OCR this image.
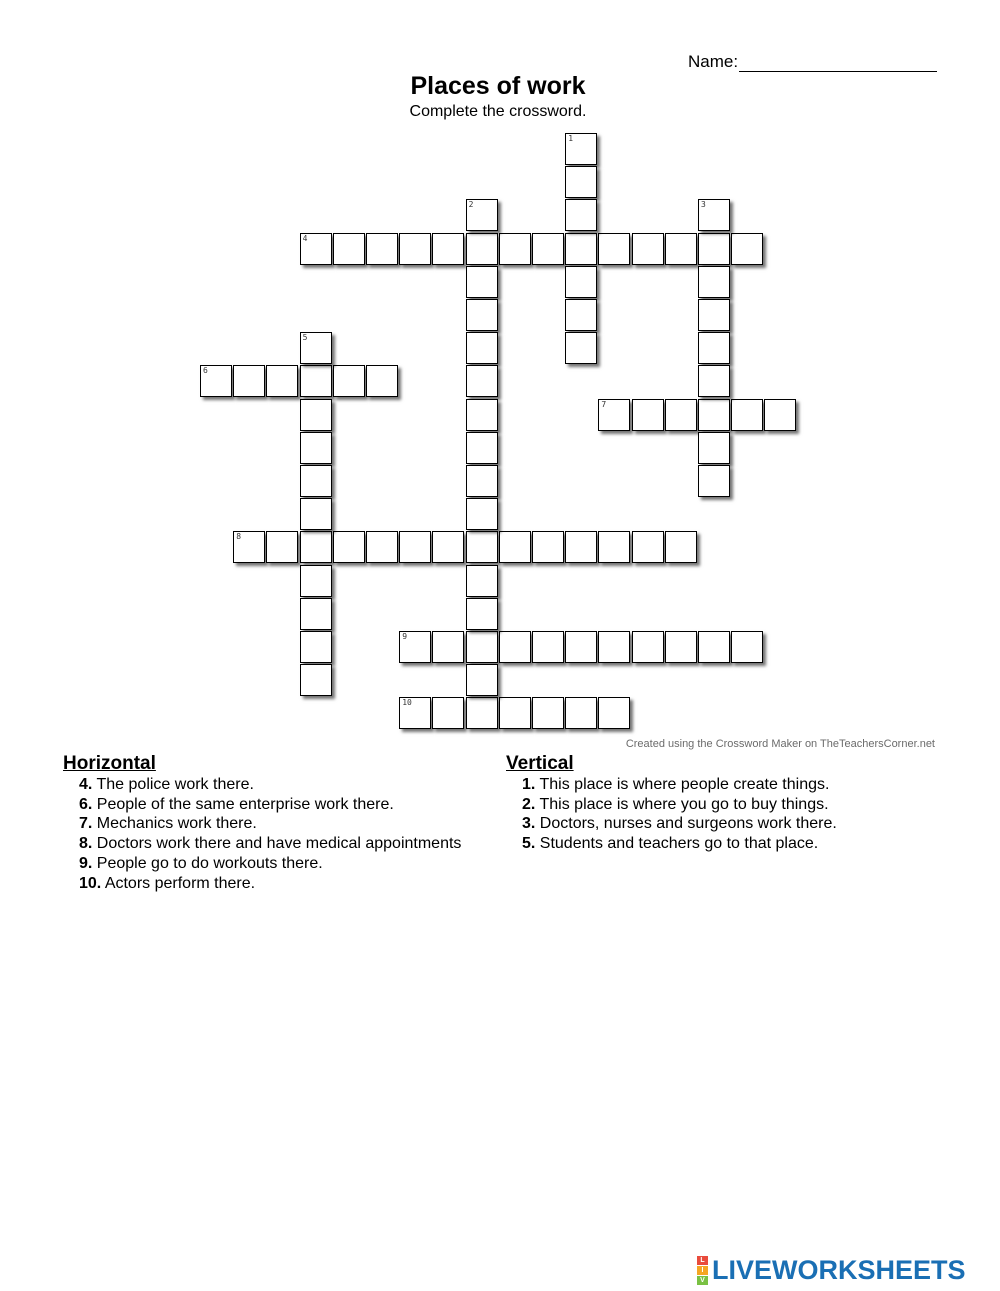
Name:
Places of work
Complete the crossword.
4
6
7
8
9
10
1
2	3
5
Created using the Crossword Maker on TheTeachersCorner.net
Horizontal
4. The police work there.
6. People of the same enterprise work there.
7. Mechanics work there.
8. Doctors work there and have medical appointments
9. People go to do workouts there.
10. Actors perform there.
Vertical
1. This place is where people create things.
2. This place is where you go to buy things.
3. Doctors, nurses and surgeons work there.
5. Students and teachers go to that place.
L
I
V LIVEWORKSHEETS
